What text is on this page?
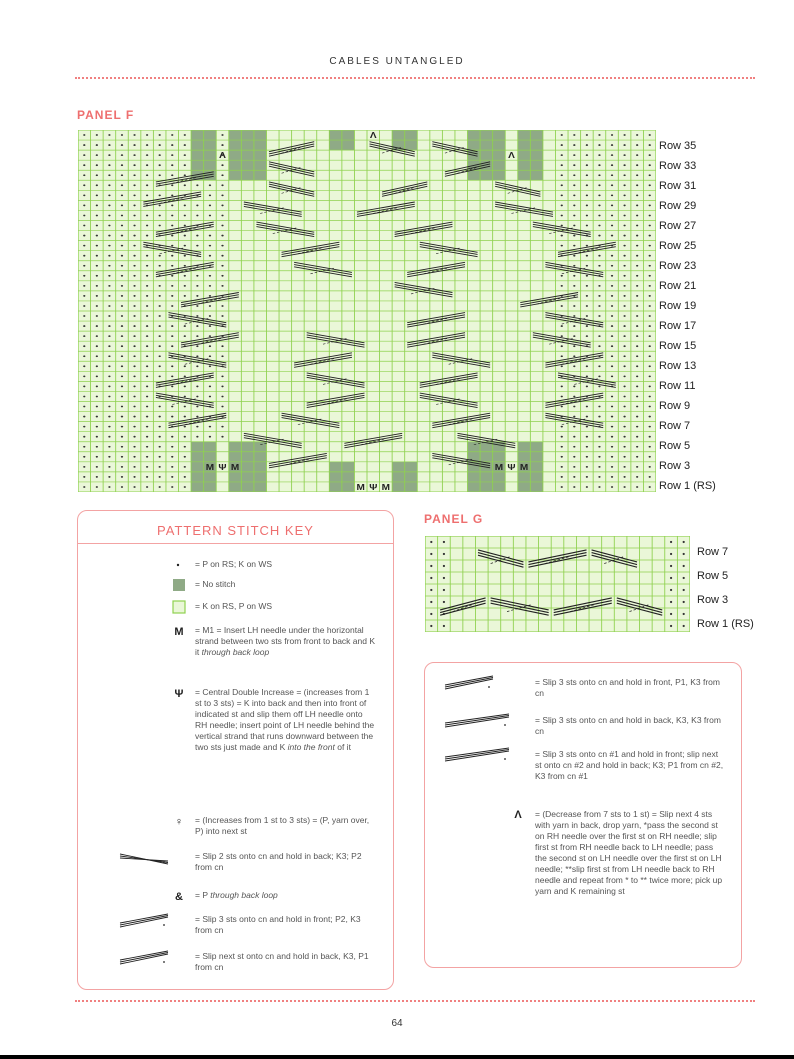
CABLES UNTANGLED
PANEL F
M Ψ M
M Ψ M
M Ψ M
Λ
Λ	Λ
Row 35
Row 33
Row 31
Row 29
Row 27
Row 25
Row 23
Row 21
Row 19
Row 17
Row 15
Row 13
Row 11
Row 9
Row 7
Row 5
Row 3
Row 1 (RS)
PANEL G
Row 7
Row 5
Row 3
Row 1 (RS)
PATTERN STITCH KEY
= P on RS; K on WS
= No stitch
= K on RS, P on WS
M = M1 = Insert LH needle under the horizontal strand between two sts from front to back and K it through back loop
Ψ = Central Double Increase = (increases from 1 st to 3 sts) = K into back and then into front of indicated st and slip them off LH needle onto RH needle; insert point of LH needle behind the vertical strand that runs downward between the two sts just made and K into the front of it
♀ = (Increases from 1 st to 3 sts) = (P, yarn over, P) into next st
= Slip 2 sts onto cn and hold in back; K3; P2 from cn
& = P through back loop
= Slip 3 sts onto cn and hold in front; P2, K3 from cn
= Slip next st onto cn and hold in back, K3, P1 from cn
= Slip 3 sts onto cn and hold in front, P1, K3 from cn
= Slip 3 sts onto cn and hold in back, K3, K3 from cn
= Slip 3 sts onto cn #1 and hold in front; slip next st onto cn #2 and hold in back; K3; P1 from cn #2, K3 from cn #1
Λ = (Decrease from 7 sts to 1 st) = Slip next 4 sts with yarn in back, drop yarn, *pass the second st on RH needle over the first st on RH needle; slip first st from RH needle back to LH needle; pass the second st on LH needle over the first st on LH needle; **slip first st from LH needle back to RH needle and repeat from * to ** twice more; pick up yarn and K remaining st
64
